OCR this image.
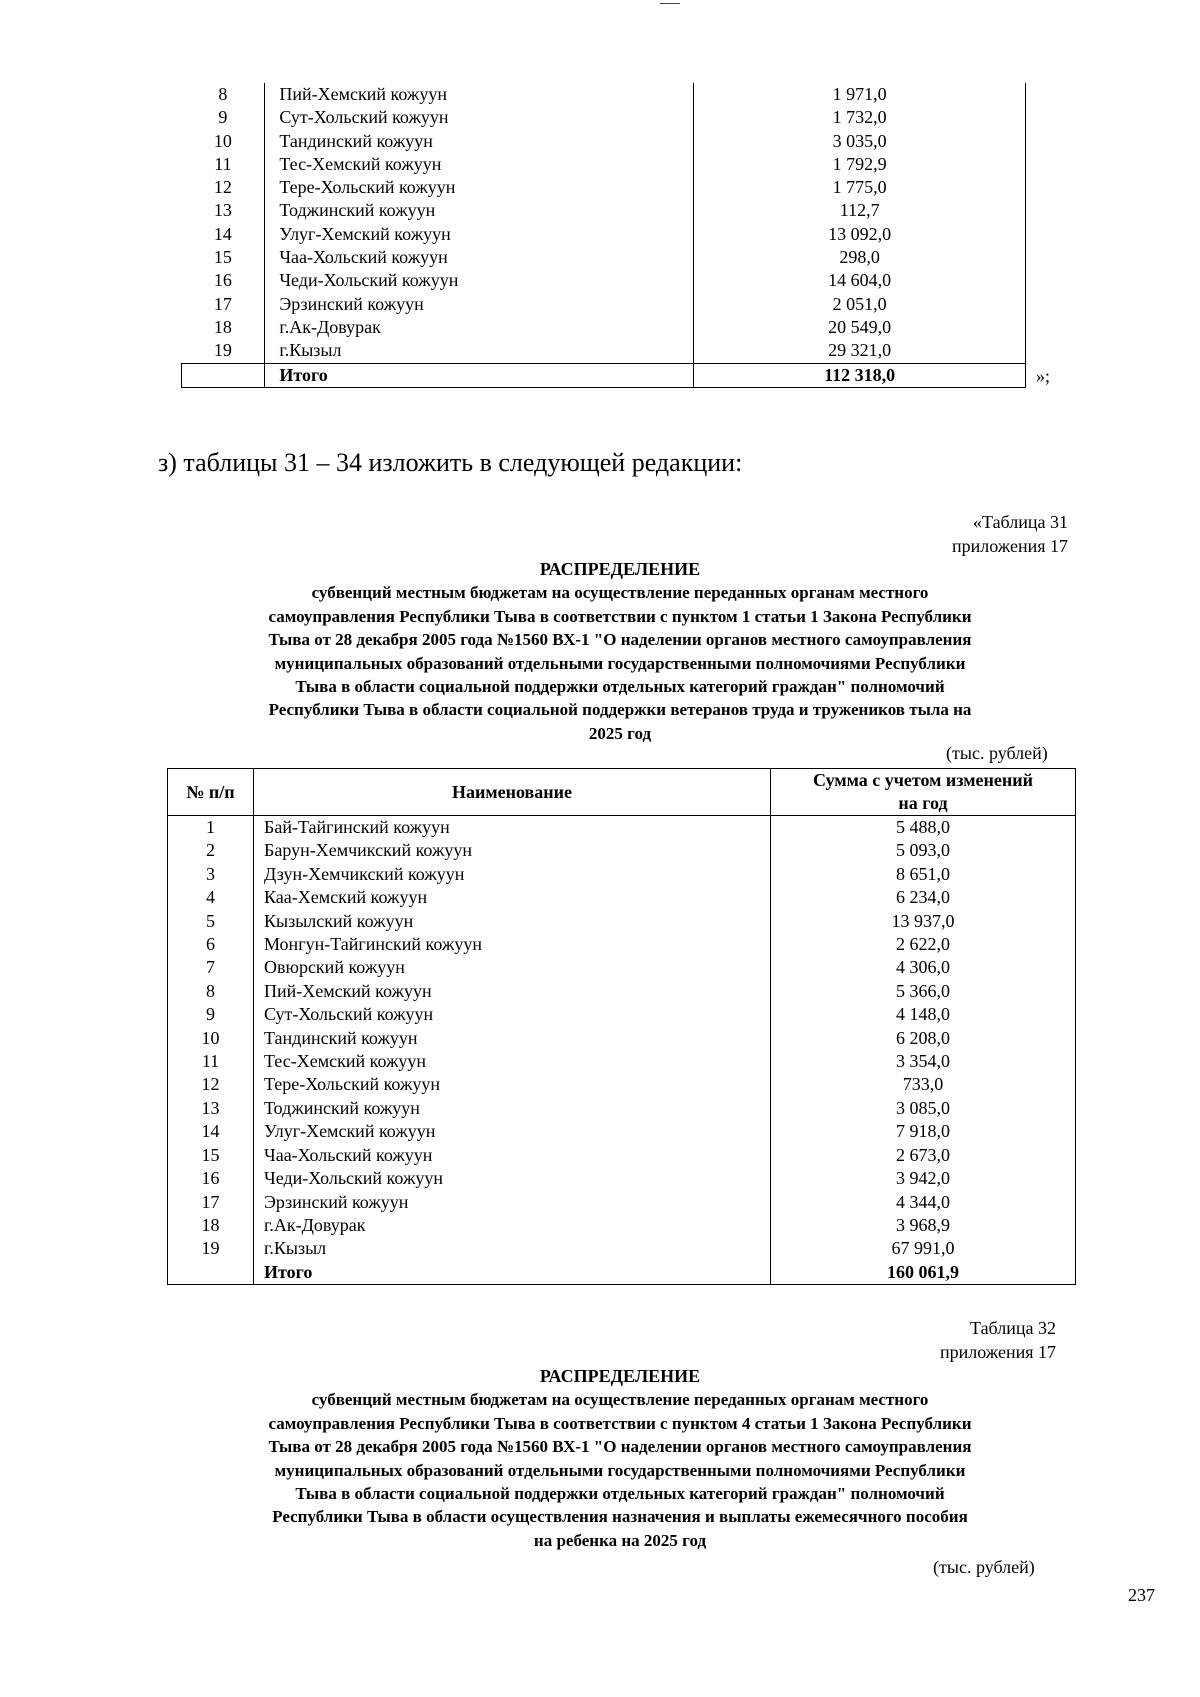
8	Пий-Хемский кожуун	1 971,0
9	Сут-Хольский кожуун	1 732,0
10	Тандинский кожуун	3 035,0
11	Тес-Хемский кожуун	1 792,9
12	Тере-Хольский кожуун	1 775,0
13	Тоджинский кожуун	112,7
14	Улуг-Хемский кожуун	13 092,0
15	Чаа-Хольский кожуун	298,0
16	Чеди-Хольский кожуун	14 604,0
17	Эрзинский кожуун	2 051,0
18	г.Ак-Довурак	20 549,0
19	г.Кызыл	29 321,0
	Итого	112 318,0	»;
з) таблицы 31 – 34 изложить в следующей редакции:
«Таблица 31
приложения 17
РАСПРЕДЕЛЕНИЕ
субвенций местным бюджетам на осуществление переданных органам местного
самоуправления Республики Тыва в соответствии с пунктом 1 статьи 1 Закона Республики
Тыва от 28 декабря 2005 года №1560 ВХ-1 "О наделении органов местного самоуправления
муниципальных образований отдельными государственными полномочиями Республики
Тыва в области социальной поддержки отдельных категорий граждан" полномочий
Республики Тыва в области социальной поддержки ветеранов труда и тружеников тыла на
2025 год
(тыс. рублей)
№ п/п	Наименование	Сумма с учетом изменений
на год

1	Бай-Тайгинский кожуун	5 488,0
2	Барун-Хемчикский кожуун	5 093,0
3	Дзун-Хемчикский кожуун	8 651,0
4	Каа-Хемский кожуун	6 234,0
5	Кызылский кожуун	13 937,0
6	Монгун-Тайгинский кожуун	2 622,0
7	Овюрский кожуун	4 306,0
8	Пий-Хемский кожуун	5 366,0
9	Сут-Хольский кожуун	4 148,0
10	Тандинский кожуун	6 208,0
11	Тес-Хемский кожуун	3 354,0
12	Тере-Хольский кожуун	733,0
13	Тоджинский кожуун	3 085,0
14	Улуг-Хемский кожуун	7 918,0
15	Чаа-Хольский кожуун	2 673,0
16	Чеди-Хольский кожуун	3 942,0
17	Эрзинский кожуун	4 344,0
18	г.Ак-Довурак	3 968,9
19	г.Кызыл	67 991,0
	Итого	160 061,9
Таблица 32
приложения 17
РАСПРЕДЕЛЕНИЕ
субвенций местным бюджетам на осуществление переданных органам местного
самоуправления Республики Тыва в соответствии с пунктом 4 статьи 1 Закона Республики
Тыва от 28 декабря 2005 года №1560 ВХ-1 "О наделении органов местного самоуправления
муниципальных образований отдельными государственными полномочиями Республики
Тыва в области социальной поддержки отдельных категорий граждан" полномочий
Республики Тыва в области осуществления назначения и выплаты ежемесячного пособия
на ребенка на 2025 год
(тыс. рублей)
237
